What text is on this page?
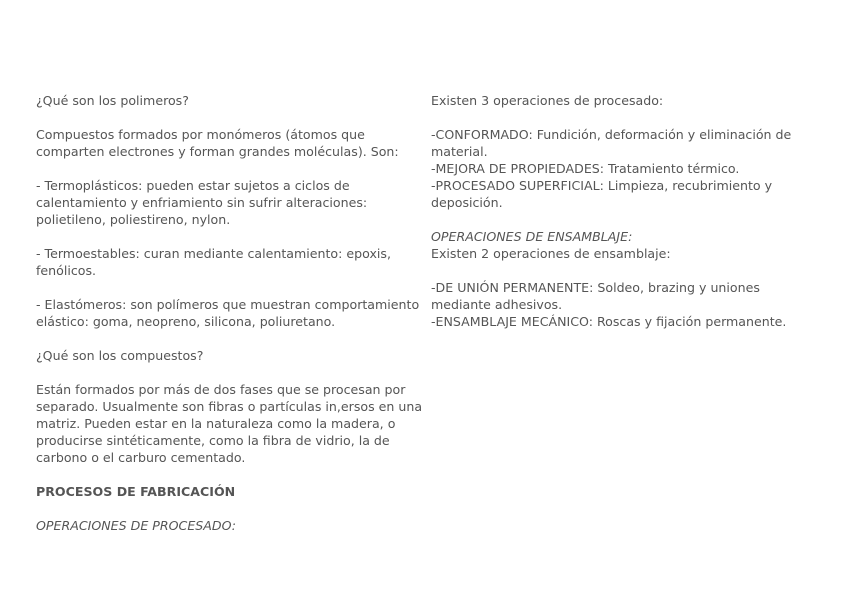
¿Qué son los polimeros?

Compuestos formados por monómeros (átomos que
comparten electrones y forman grandes moléculas). Son:

- Termoplásticos: pueden estar sujetos a ciclos de
calentamiento y enfriamiento sin sufrir alteraciones:
polietileno, poliestireno, nylon.

- Termoestables: curan mediante calentamiento: epoxis,
fenólicos.

- Elastómeros: son polímeros que muestran comportamiento
elástico: goma, neopreno, silicona, poliuretano.

¿Qué son los compuestos?

Están formados por más de dos fases que se procesan por
separado. Usualmente son fibras o partículas in,ersos en una
matriz. Pueden estar en la naturaleza como la madera, o
producirse sintéticamente, como la fibra de vidrio, la de
carbono o el carburo cementado.

PROCESOS DE FABRICACIÓN

OPERACIONES DE PROCESADO:

Existen 3 operaciones de procesado:

-CONFORMADO: Fundición, deformación y eliminación de
material.
-MEJORA DE PROPIEDADES: Tratamiento térmico.
-PROCESADO SUPERFICIAL: Limpieza, recubrimiento y
deposición.

OPERACIONES DE ENSAMBLAJE:

Existen 2 operaciones de ensamblaje:

-DE UNIÓN PERMANENTE: Soldeo, brazing y uniones
mediante adhesivos.
-ENSAMBLAJE MECÁNICO: Roscas y fijación permanente.
